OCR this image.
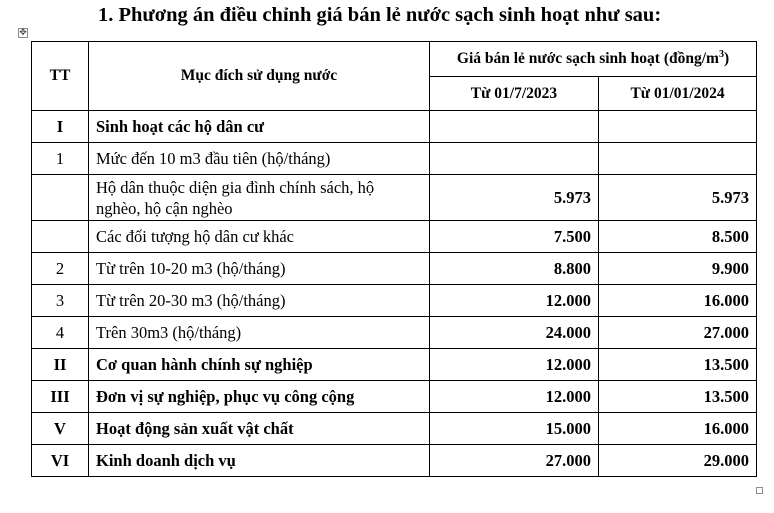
1. Phương án điều chỉnh giá bán lẻ nước sạch sinh hoạt như sau:
✥
TT	Mục đích sử dụng nước	Giá bán lẻ nước sạch sinh hoạt $(đồng/m^3)$	
		Từ 01/7/2023	Từ 01/01/2024
I	Sinh hoạt các hộ dân cư		
1	Mức đến 10 m3 đầu tiên (hộ/tháng)		
	Hộ dân thuộc diện gia đình chính sách, hộ nghèo, hộ cận nghèo	5.973	5.973
	Các đối tượng hộ dân cư khác	7.500	8.500
2	Từ trên 10-20 m3 (hộ/tháng)	8.800	9.900
3	Từ trên 20-30 m3 (hộ/tháng)	12.000	16.000
4	Trên 30m3 (hộ/tháng)	24.000	27.000
II	Cơ quan hành chính sự nghiệp	12.000	13.500
III	Đơn vị sự nghiệp, phục vụ công cộng	12.000	13.500
V	Hoạt động sản xuất vật chất	15.000	16.000
VI	Kinh doanh dịch vụ	27.000	29.000
